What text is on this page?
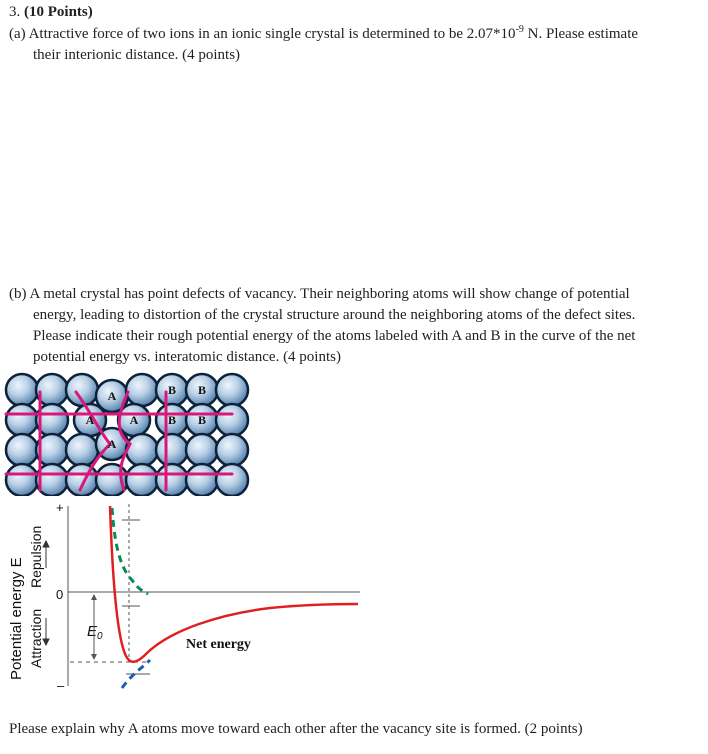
3. (10 Points)
(a) Attractive force of two ions in an ionic single crystal is determined to be $2.07*10^{-9}$ N. Please estimate
their interionic distance. (4 points)
(b) A metal crystal has point defects of vacancy. Their neighboring atoms will show change of potential
energy, leading to distortion of the crystal structure around the neighboring atoms of the defect sites.
Please indicate their rough potential energy of the atoms labeled with A and B in the curve of the net
potential energy vs. interatomic distance. (4 points)
A	B B
A	A B B
A
Potential energy E
Repulsion
Attraction
+
0
–
$E_0$
Net energy
Please explain why A atoms move toward each other after the vacancy site is formed. (2 points)
